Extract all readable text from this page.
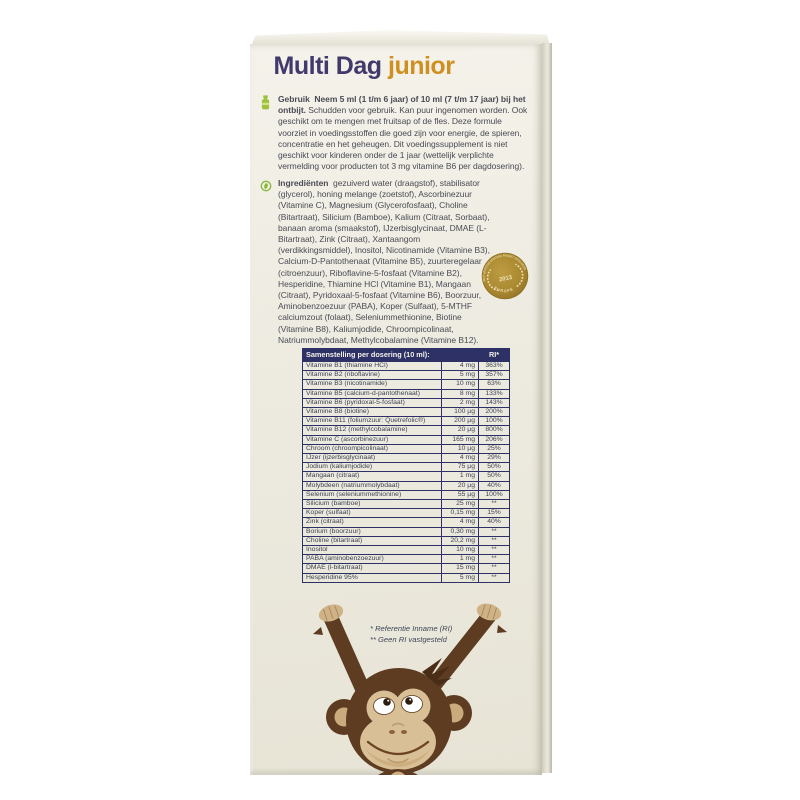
Multi Dag junior
Gebruik Neem 5 ml (1 t/m 6 jaar) of 10 ml (7 t/m 17 jaar) bij het ontbijt. Schudden voor gebruik. Kan puur ingenomen worden. Ook geschikt om te mengen met fruitsap of de fles. Deze formule voorziet in voedingsstoffen die goed zijn voor energie, de spieren, concentratie en het geheugen. Dit voedingssupplement is niet geschikt voor kinderen onder de 1 jaar (wettelijk verplichte vermelding voor producten tot 3 mg vitamine B6 per dagdosering).
Ingrediënten gezuiverd water (draagstof), stabilisator (glycerol), honing melange (zoetstof), Ascorbinezuur (Vitamine C), Magnesium (Glycerofosfaat), Choline (Bitartraat), Silicium (Bamboe), Kalium (Citraat, Sorbaat), banaan aroma (smaakstof), IJzerbisglycinaat, DMAE (L-Bitartraat), Zink (Citraat), Xantaangom (verdikkingsmiddel), Inositol, Nicotinamide (Vitamine B3), Calcium-D-Pantothenaat (Vitamine B5), zuurteregelaar (citroenzuur), Riboflavine-5-fosfaat (Vitamine B2), Hesperidine, Thiamine HCl (Vitamine B1), Mangaan (Citraat), Pyridoxaal-5-fosfaat (Vitamine B6), Boorzuur, Aminobenzoezuur (PABA), Koper (Sulfaat), 5-MTHF calciumzout (folaat), Seleniummethionine, Biotine (Vitamine B8), Kaliumjodide, Chroompicolinaat, Natriummolybdaat, Methylcobalamine (Vitamine B12).
MOST EFFECTIVE STRATEGIC PRODUCT DEVELOPERS
2013
EUROPE
Samenstelling per dosering (10 ml):		RI*
Vitamine B1 (thiamine HCl)	4 mg	363%
Vitamine B2 (riboflavine)	5 mg	357%
Vitamine B3 (nicotinamide)	10 mg	63%
Vitamine B5 (calcium-d-pantothenaat)	8 mg	133%
Vitamine B6 (pyridoxal-5-fosfaat)	2 mg	143%
Vitamine B8 (biotine)	100 µg	200%
Vitamine B11 (foliumzuur: Quetrefolic®)	200 µg	100%
Vitamine B12 (methylcobalamine)	20 µg	800%
Vitamine C (ascorbinezuur)	165 mg	206%
Chroom (chroompicolinaat)	10 µg	25%
IJzer (ijzerbisglycinaat)	4 mg	29%
Jodium (kaliumjodide)	75 µg	50%
Mangaan (citraat)	1 mg	50%
Molybdeen (natriummolybdaat)	20 µg	40%
Selenium (seleniummethionine)	55 µg	100%
Silicium (bamboe)	25 mg	**
Koper (sulfaat)	0,15 mg	15%
Zink (citraat)	4 mg	40%
Borium (boorzuur)	0,30 mg	**
Choline (bitartraat)	20,2 mg	**
Inositol	10 mg	**
PABA (aminobenzoezuur)	1 mg	**
DMAE (l-bitartraat)	15 mg	**
Hesperidine 95%	5 mg	**
* Referentie Inname (RI)
** Geen RI vastgesteld
